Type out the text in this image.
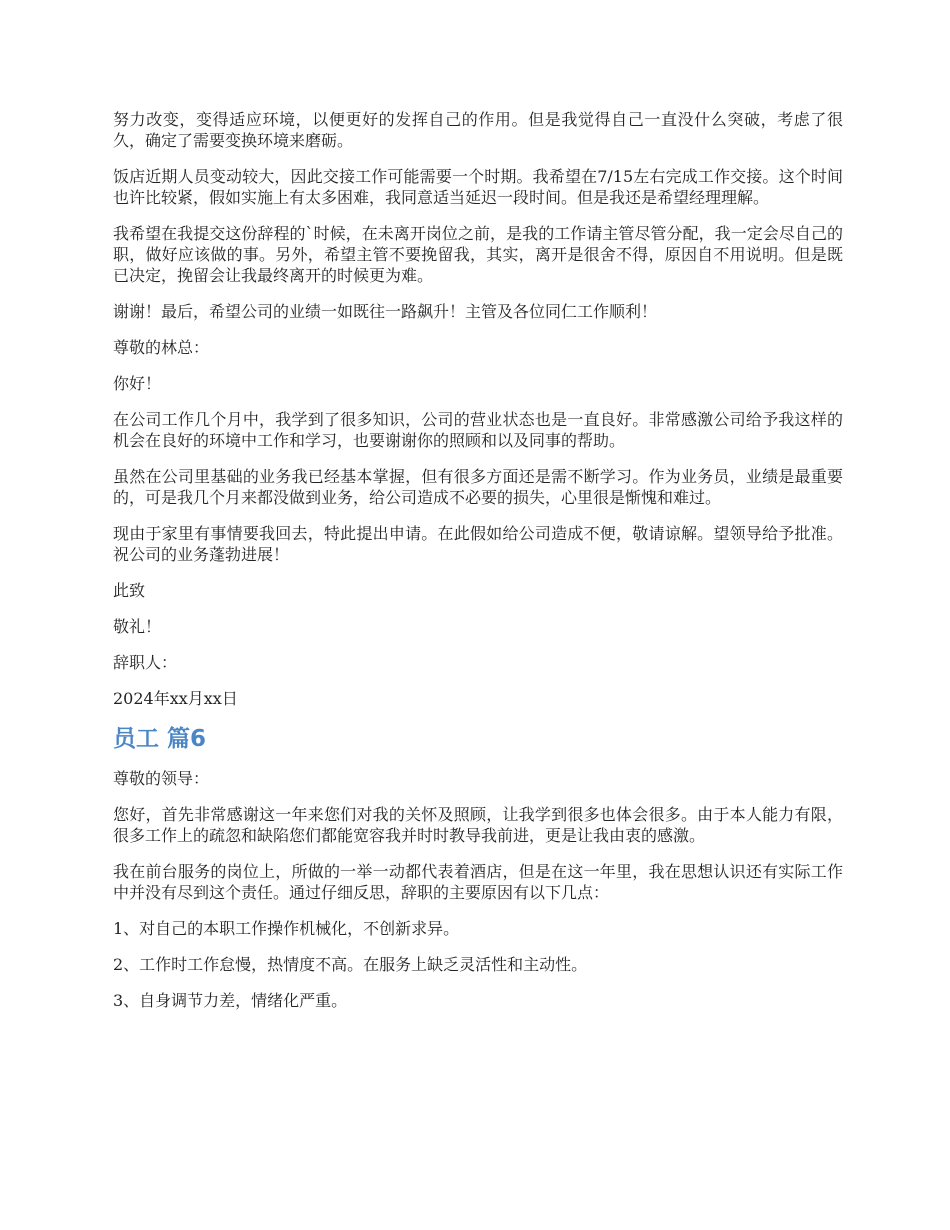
努力改变，变得适应环境，以便更好的发挥自己的作用。但是我觉得自己一直没什么突破，考虑了很久，确定了需要变换环境来磨砺。

饭店近期人员变动较大，因此交接工作可能需要一个时期。我希望在7/15左右完成工作交接。这个时间也许比较紧，假如实施上有太多困难，我同意适当延迟一段时间。但是我还是希望经理理解。

我希望在我提交这份辞程的`时候，在未离开岗位之前，是我的工作请主管尽管分配，我一定会尽自己的职，做好应该做的事。另外，希望主管不要挽留我，其实，离开是很舍不得，原因自不用说明。但是既已决定，挽留会让我最终离开的时候更为难。

谢谢！最后，希望公司的业绩一如既往一路飙升！主管及各位同仁工作顺利！

尊敬的林总：

你好！

在公司工作几个月中，我学到了很多知识，公司的营业状态也是一直良好。非常感激公司给予我这样的机会在良好的环境中工作和学习，也要谢谢你的照顾和以及同事的帮助。

虽然在公司里基础的业务我已经基本掌握，但有很多方面还是需不断学习。作为业务员，业绩是最重要的，可是我几个月来都没做到业务，给公司造成不必要的损失，心里很是惭愧和难过。

现由于家里有事情要我回去，特此提出申请。在此假如给公司造成不便，敬请谅解。望领导给予批准。祝公司的业务蓬勃进展！

此致

敬礼！

辞职人：

2024年xx月xx日

员工 篇6

尊敬的领导：

您好，首先非常感谢这一年来您们对我的关怀及照顾，让我学到很多也体会很多。由于本人能力有限，很多工作上的疏忽和缺陷您们都能宽容我并时时教导我前进，更是让我由衷的感激。

我在前台服务的岗位上，所做的一举一动都代表着酒店，但是在这一年里，我在思想认识还有实际工作中并没有尽到这个责任。通过仔细反思，辞职的主要原因有以下几点：

1、对自己的本职工作操作机械化，不创新求异。

2、工作时工作怠慢，热情度不高。在服务上缺乏灵活性和主动性。

3、自身调节力差，情绪化严重。
